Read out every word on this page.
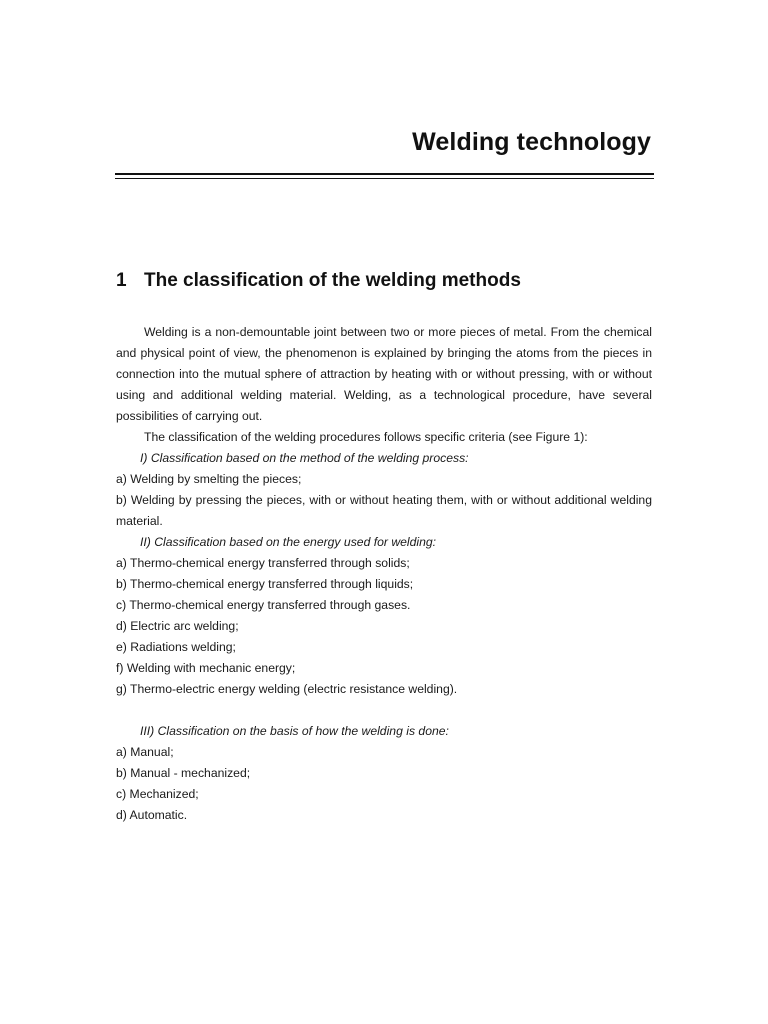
Welding technology
1 The classification of the welding methods

Welding is a non-demountable joint between two or more pieces of metal. From the chemical and physical point of view, the phenomenon is explained by bringing the atoms from the pieces in connection into the mutual sphere of attraction by heating with or without pressing, with or without using and additional welding material. Welding, as a technological procedure, have several possibilities of carrying out.

The classification of the welding procedures follows specific criteria (see Figure 1):

I) Classification based on the method of the welding process:

a) Welding by smelting the pieces;

b) Welding by pressing the pieces, with or without heating them, with or without additional welding material.

II) Classification based on the energy used for welding:

a) Thermo-chemical energy transferred through solids;

b) Thermo-chemical energy transferred through liquids;

c) Thermo-chemical energy transferred through gases.

d) Electric arc welding;

e) Radiations welding;

f) Welding with mechanic energy;

g) Thermo-electric energy welding (electric resistance welding).

III) Classification on the basis of how the welding is done:

a) Manual;

b) Manual - mechanized;

c) Mechanized;

d) Automatic.
